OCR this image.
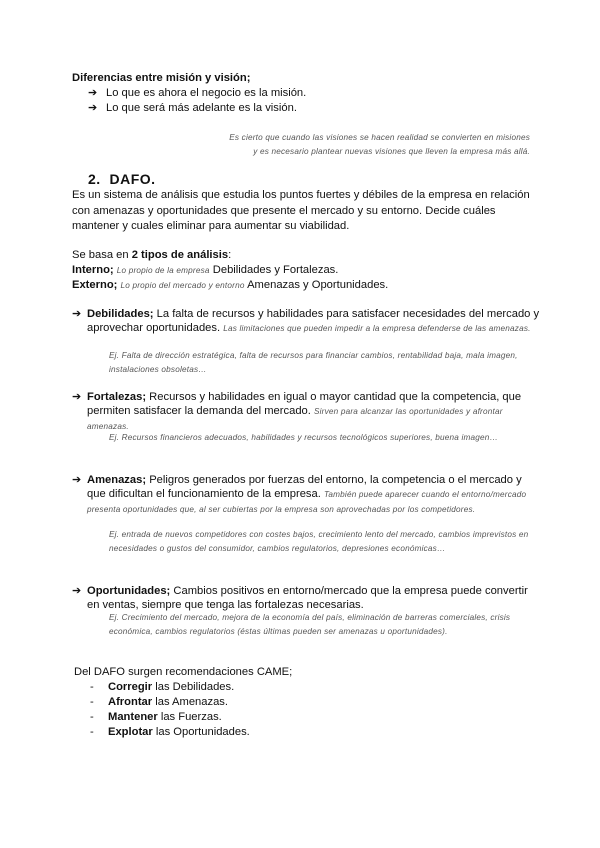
Diferencias entre misión y visión;
➔ Lo que es ahora el negocio es la misión.
➔ Lo que será más adelante es la visión.
Es cierto que cuando las visiones se hacen realidad se convierten en misiones
y es necesario plantear nuevas visiones que lleven la empresa más allá.
2. DAFO.
Es un sistema de análisis que estudia los puntos fuertes y débiles de la empresa en relación con amenazas y oportunidades que presente el mercado y su entorno. Decide cuáles mantener y cuales eliminar para aumentar su viabilidad.
Se basa en 2 tipos de análisis:
Interno; Lo propio de la empresa Debilidades y Fortalezas.
Externo; Lo propio del mercado y entorno Amenazas y Oportunidades.
➔ Debilidades; La falta de recursos y habilidades para satisfacer necesidades del mercado y aprovechar oportunidades. Las limitaciones que pueden impedir a la empresa defenderse de las amenazas.
Ej. Falta de dirección estratégica, falta de recursos para financiar cambios, rentabilidad baja, mala imagen, instalaciones obsoletas…
➔ Fortalezas; Recursos y habilidades en igual o mayor cantidad que la competencia, que permiten satisfacer la demanda del mercado. Sirven para alcanzar las oportunidades y afrontar amenazas.
Ej. Recursos financieros adecuados, habilidades y recursos tecnológicos superiores, buena imagen…
➔ Amenazas; Peligros generados por fuerzas del entorno, la competencia o el mercado y que dificultan el funcionamiento de la empresa. También puede aparecer cuando el entorno/mercado presenta oportunidades que, al ser cubiertas por la empresa son aprovechadas por los competidores.
Ej. entrada de nuevos competidores con costes bajos, crecimiento lento del mercado, cambios imprevistos en necesidades o gustos del consumidor, cambios regulatorios, depresiones económicas…
➔ Oportunidades; Cambios positivos en entorno/mercado que la empresa puede convertir en ventas, siempre que tenga las fortalezas necesarias.
Ej. Crecimiento del mercado, mejora de la economía del país, eliminación de barreras comerciales, crisis económica, cambios regulatorios (éstas últimas pueden ser amenazas u oportunidades).
Del DAFO surgen recomendaciones CAME;
- Corregir las Debilidades.
- Afrontar las Amenazas.
- Mantener las Fuerzas.
- Explotar las Oportunidades.
